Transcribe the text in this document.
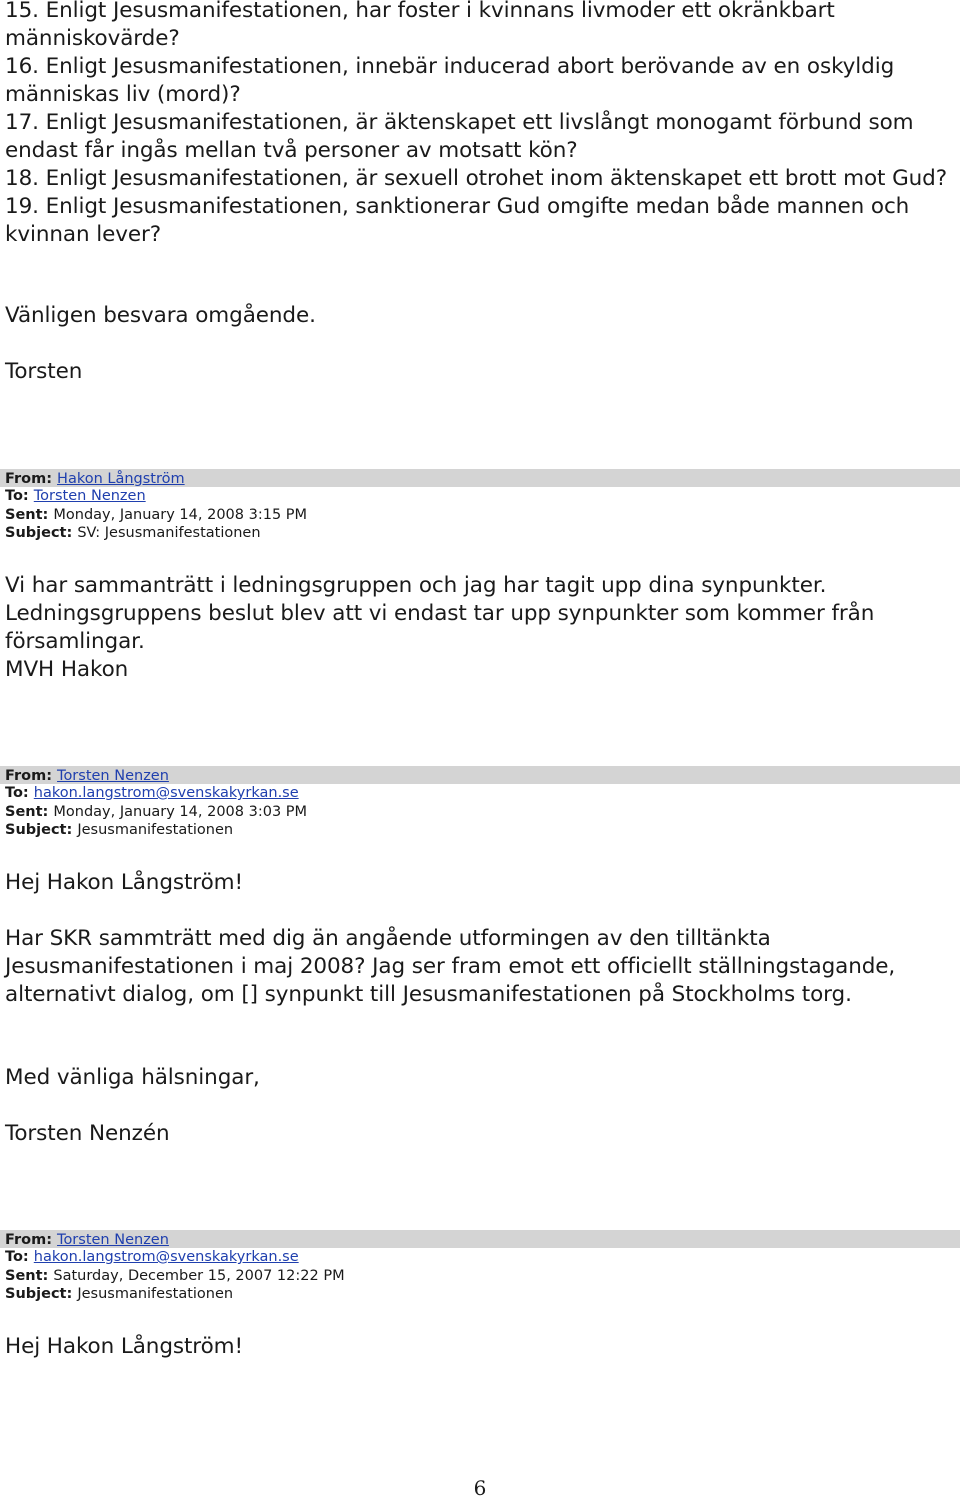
15. Enligt Jesusmanifestationen, har foster i kvinnans livmoder ett okränkbart människovärde?

16. Enligt Jesusmanifestationen, innebär inducerad abort berövande av en oskyldig människas liv (mord)?

17. Enligt Jesusmanifestationen, är äktenskapet ett livslångt monogamt förbund som endast får ingås mellan två personer av motsatt kön?

18. Enligt Jesusmanifestationen, är sexuell otrohet inom äktenskapet ett brott mot Gud?

19. Enligt Jesusmanifestationen, sanktionerar Gud omgifte medan både mannen och kvinnan lever?

Vänligen besvara omgående.

Torsten

From: Hakon Långström
To: Torsten Nenzen
Sent: Monday, January 14, 2008 3:15 PM
Subject: SV: Jesusmanifestationen

Vi har sammanträtt i ledningsgruppen och jag har tagit upp dina synpunkter. Ledningsgruppens beslut blev att vi endast tar upp synpunkter som kommer från församlingar.

MVH Hakon

From: Torsten Nenzen
To: hakon.langstrom@svenskakyrkan.se
Sent: Monday, January 14, 2008 3:03 PM
Subject: Jesusmanifestationen

Hej Hakon Långström!

Har SKR sammträtt med dig än angående utformingen av den tilltänkta Jesusmanifestationen i maj 2008? Jag ser fram emot ett officiellt ställningstagande, alternativt dialog, om [] synpunkt till Jesusmanifestationen på Stockholms torg.

Med vänliga hälsningar,

Torsten Nenzén

From: Torsten Nenzen
To: hakon.langstrom@svenskakyrkan.se
Sent: Saturday, December 15, 2007 12:22 PM
Subject: Jesusmanifestationen

Hej Hakon Långström!

6
